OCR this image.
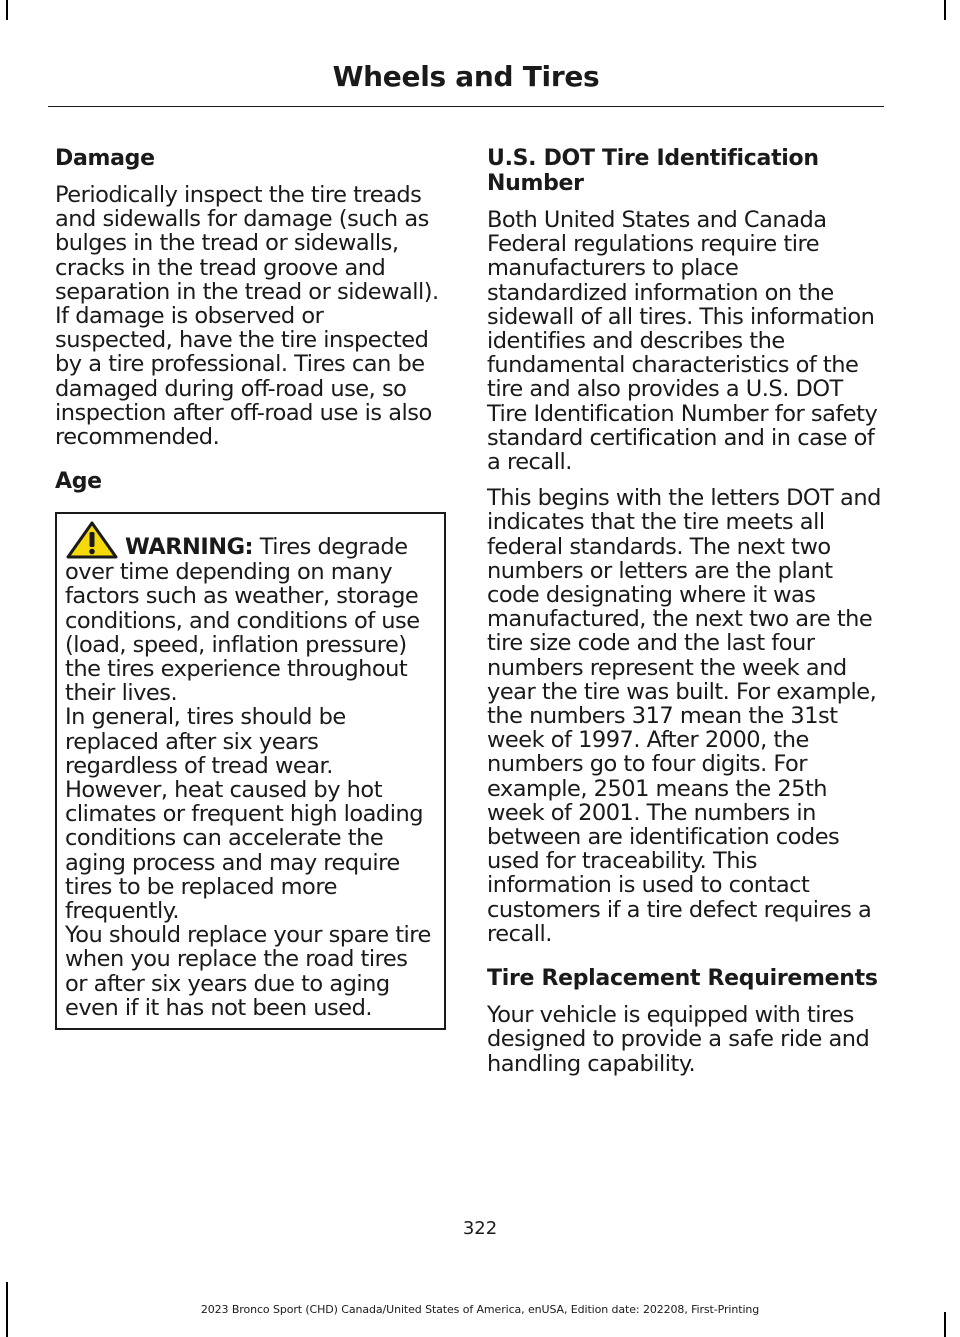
Wheels and Tires
Damage

Periodically inspect the tire treads and sidewalls for damage (such as bulges in the tread or sidewalls, cracks in the tread groove and separation in the tread or sidewall). If damage is observed or suspected, have the tire inspected by a tire professional. Tires can be damaged during off-road use, so inspection after off-road use is also recommended.

Age

WARNING: Tires degrade over time depending on many factors such as weather, storage conditions, and conditions of use (load, speed, inflation pressure) the tires experience throughout their lives.

In general, tires should be replaced after six years regardless of tread wear. However, heat caused by hot climates or frequent high loading conditions can accelerate the aging process and may require tires to be replaced more frequently.

You should replace your spare tire when you replace the road tires or after six years due to aging even if it has not been used.

U.S. DOT Tire Identification Number

Both United States and Canada Federal regulations require tire manufacturers to place standardized information on the sidewall of all tires. This information identifies and describes the fundamental characteristics of the tire and also provides a U.S. DOT Tire Identification Number for safety standard certification and in case of a recall.

This begins with the letters DOT and indicates that the tire meets all federal standards. The next two numbers or letters are the plant code designating where it was manufactured, the next two are the tire size code and the last four numbers represent the week and year the tire was built. For example, the numbers 317 mean the 31st week of 1997. After 2000, the numbers go to four digits. For example, 2501 means the 25th week of 2001. The numbers in between are identification codes used for traceability. This information is used to contact customers if a tire defect requires a recall.

Tire Replacement Requirements

Your vehicle is equipped with tires designed to provide a safe ride and handling capability.

322
2023 Bronco Sport (CHD) Canada/United States of America, enUSA, Edition date: 202208, First-Printing
